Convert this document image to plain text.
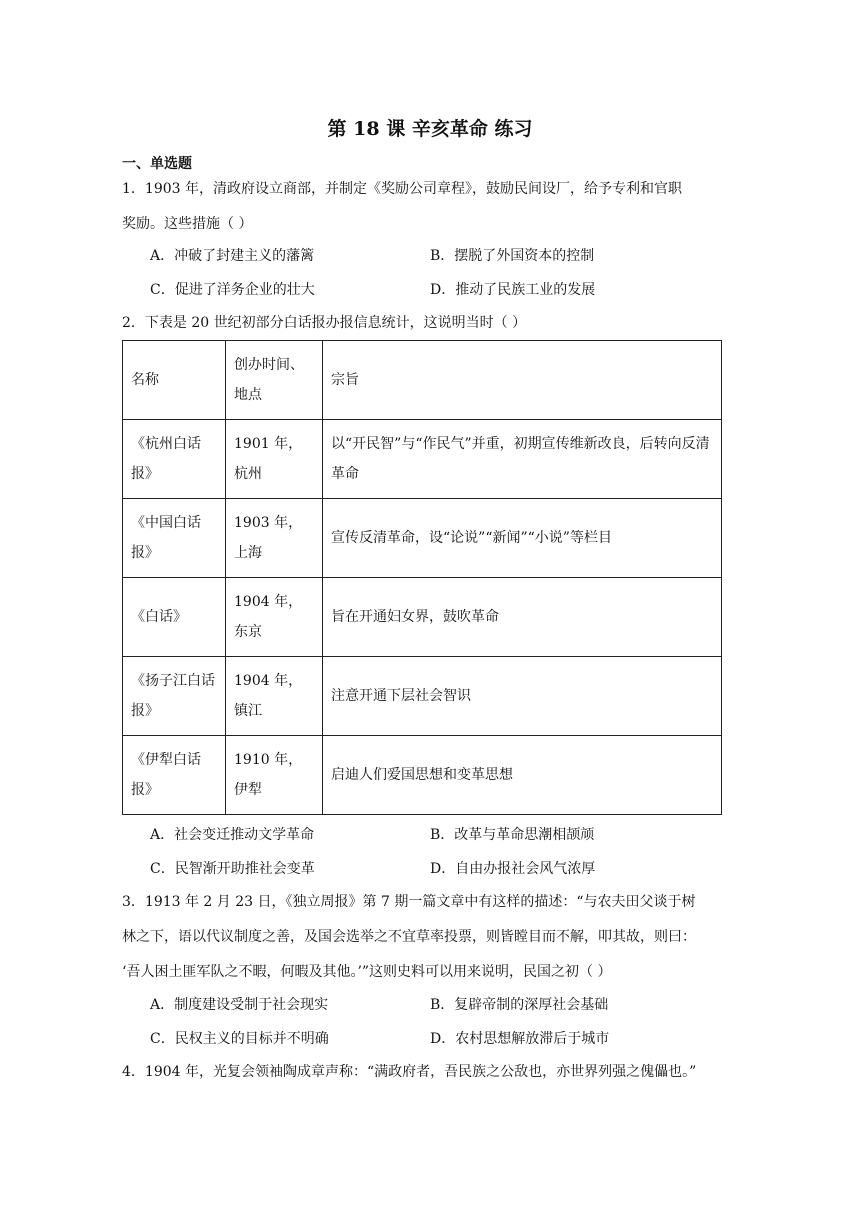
第 18 课 辛亥革命 练习
一、单选题
1．1903 年，清政府设立商部，并制定《奖励公司章程》，鼓励民间设厂，给予专利和官职
奖励。这些措施（ ）
A．冲破了封建主义的藩篱	B．摆脱了外国资本的控制
C．促进了洋务企业的壮大	D．推动了民族工业的发展
2．下表是 20 世纪初部分白话报办报信息统计，这说明当时（ ）
名称	创办时间、地点	宗旨
《杭州白话报》	1901 年，杭州	以“开民智”与“作民气”并重，初期宣传维新改良，后转向反清革命
《中国白话报》	1903 年，上海	宣传反清革命，设“论说”“新闻”“小说”等栏目
《白话》	1904 年，东京	旨在开通妇女界，鼓吹革命
《扬子江白话报》	1904 年，镇江	注意开通下层社会智识
《伊犁白话报》	1910 年，伊犁	启迪人们爱国思想和变革思想
A．社会变迁推动文学革命	B．改革与革命思潮相颉颃
C．民智渐开助推社会变革	D．自由办报社会风气浓厚
3．1913 年 2 月 23 日，《独立周报》第 7 期一篇文章中有这样的描述：“与农夫田父谈于树
林之下，语以代议制度之善，及国会选举之不宜草率投票，则皆瞠目而不解，叩其故，则曰：
‘吾人困土匪军队之不暇，何暇及其他。’”这则史料可以用来说明，民国之初（ ）
A．制度建设受制于社会现实	B．复辟帝制的深厚社会基础
C．民权主义的目标并不明确	D．农村思想解放滞后于城市
4．1904 年，光复会领袖陶成章声称：“满政府者，吾民族之公敌也，亦世界列强之傀儡也。”
